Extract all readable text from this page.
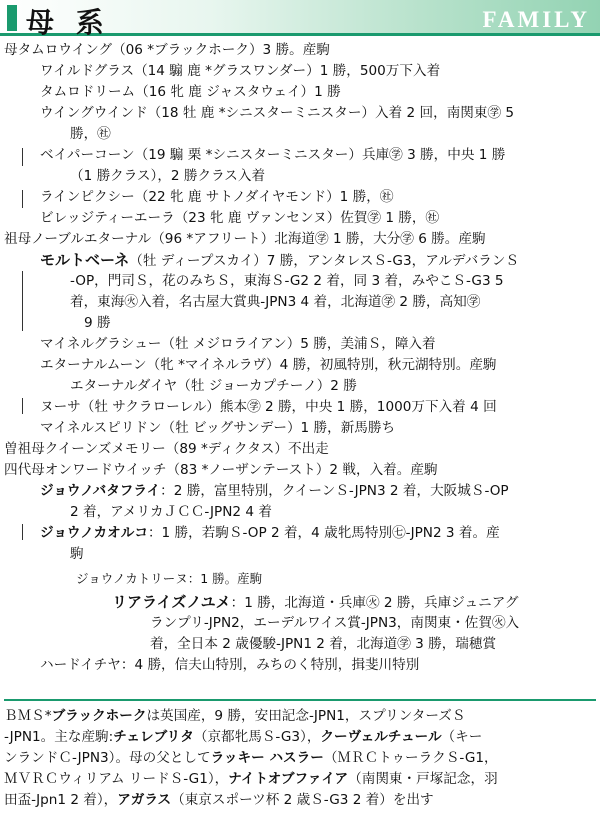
母 系	FAMILY
母タムロウイング（06 *ブラックホーク）3 勝。産駒
ワイルドグラス（14 騸 鹿 *グラスワンダー）1 勝，500万下入着
タムロドリーム（16 牝 鹿 ジャスタウェイ）1 勝
ウイングウインド（18 牡 鹿 *シニスターミニスター）入着 2 回，南関東㊫ 5
勝，㊓
ベイパーコーン（19 騸 栗 *シニスターミニスター）兵庫㊫ 3 勝，中央 1 勝
（1 勝クラス），2 勝クラス入着
ラインピクシー（22 牝 鹿 サトノダイヤモンド）1 勝，㊓
ビレッジティーエーラ（23 牝 鹿 ヴァンセンヌ）佐賀㊫ 1 勝，㊓
祖母ノーブルエターナル（96 *アフリート）北海道㊫ 1 勝，大分㊫ 6 勝。産駒
モルトベーネ（牡 ディープスカイ）7 勝，アンタレスＳ-G3，アルデバランＳ
-OP，門司Ｓ，花のみちＳ，東海Ｓ-G2 2 着，同 3 着，みやこＳ-G3 5
着，東海㊋入着，名古屋大賞典-JPN3 4 着，北海道㊫ 2 勝，高知㊫
9 勝
マイネルグラシュー（牡 メジロライアン）5 勝，美浦Ｓ，障入着
エターナルムーン（牝 *マイネルラヴ）4 勝，初風特別，秋元湖特別。産駒
エターナルダイヤ（牡 ジョーカプチーノ）2 勝
ヌーサ（牡 サクラローレル）熊本㊫ 2 勝，中央 1 勝，1000万下入着 4 回
マイネルスピリドン（牡 ビッグサンデー）1 勝，新馬勝ち
曽祖母クイーンズメモリー（89 *ディクタス）不出走
四代母オンワードウイッチ（83 *ノーザンテースト）2 戦，入着。産駒
ジョウノバタフライ：2 勝，富里特別，クイーンＳ-JPN3 2 着，大阪城Ｓ-OP
2 着，アメリカＪＣＣ-JPN2 4 着
ジョウノカオルコ：1 勝，若駒Ｓ-OP 2 着，4 歳牝馬特別㊆-JPN2 3 着。産
駒
ジョウノカトリーヌ：1 勝。産駒
リアライズノユメ：1 勝，北海道・兵庫㊋ 2 勝，兵庫ジュニアグ
ランプリ-JPN2，エーデルワイス賞-JPN3，南関東・佐賀㊋入
着，全日本 2 歳優駿-JPN1 2 着，北海道㊫ 3 勝，瑞穂賞
ハードイチヤ：4 勝，信夫山特別，みちのく特別，揖斐川特別
ＢＭＳ*ブラックホークは英国産，9 勝，安田記念-JPN1，スプリンターズＳ
-JPN1。主な産駒:チェレブリタ（京都牝馬Ｓ-G3），クーヴェルチュール（キー
ンランドＣ-JPN3）。母の父としてラッキー ハスラー（ＭＲＣトゥーラクＳ-G1，
ＭＶＲＣウィリアム リードＳ-G1），ナイトオブファイア（南関東・戸塚記念，羽
田盃-Jpn1 2 着），アガラス（東京スポーツ杯 2 歳Ｓ-G3 2 着）を出す
